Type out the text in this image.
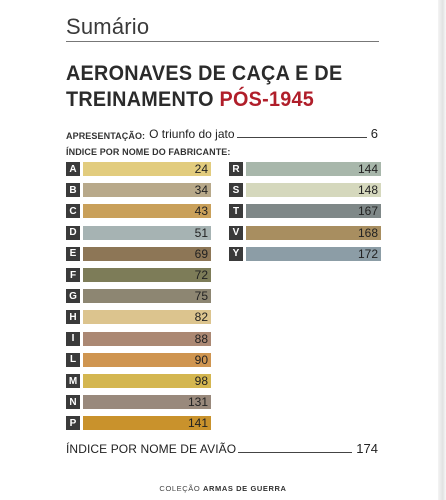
Sumário
AERONAVES DE CAÇA E DE
TREINAMENTO PÓS-1945
APRESENTAÇÃO: O triunfo do jato	6
ÍNDICE POR NOME DO FABRICANTE:
A	24
B	34
C	43
D	51
E	69
F	72
G	75
H	82
I	88
L	90
M	98
N	131
P	141
R	144
S	148
T	167
V	168
Y	172
ÍNDICE POR NOME DE AVIÃO	174
COLEÇÃO ARMAS DE GUERRA
